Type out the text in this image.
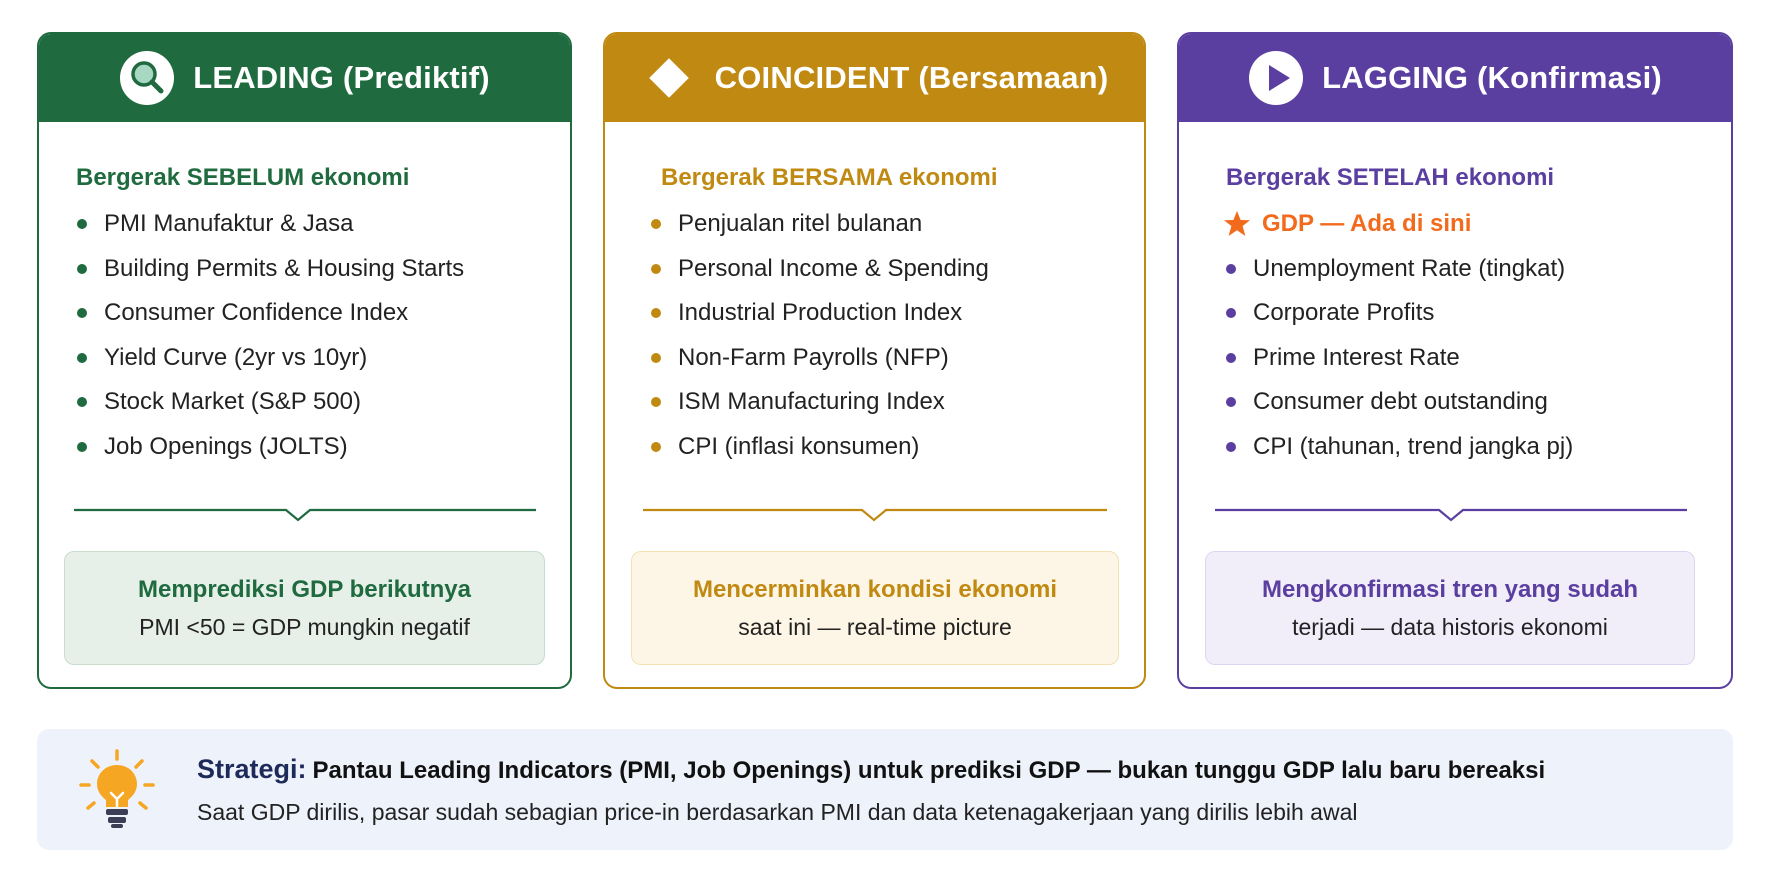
LEADING (Prediktif)
Bergerak SEBELUM ekonomi
PMI Manufaktur & Jasa
Building Permits & Housing Starts
Consumer Confidence Index
Yield Curve (2yr vs 10yr)
Stock Market (S&P 500)
Job Openings (JOLTS)
Memprediksi GDP berikutnya
PMI <50 = GDP mungkin negatif
COINCIDENT (Bersamaan)
Bergerak BERSAMA ekonomi
Penjualan ritel bulanan
Personal Income & Spending
Industrial Production Index
Non-Farm Payrolls (NFP)
ISM Manufacturing Index
CPI (inflasi konsumen)
Mencerminkan kondisi ekonomi
saat ini — real-time picture
LAGGING (Konfirmasi)
Bergerak SETELAH ekonomi
GDP — Ada di sini
Unemployment Rate (tingkat)
Corporate Profits
Prime Interest Rate
Consumer debt outstanding
CPI (tahunan, trend jangka pj)
Mengkonfirmasi tren yang sudah
terjadi — data historis ekonomi
Strategi: Pantau Leading Indicators (PMI, Job Openings) untuk prediksi GDP — bukan tunggu GDP lalu baru bereaksi
Saat GDP dirilis, pasar sudah sebagian price-in berdasarkan PMI dan data ketenagakerjaan yang dirilis lebih awal
